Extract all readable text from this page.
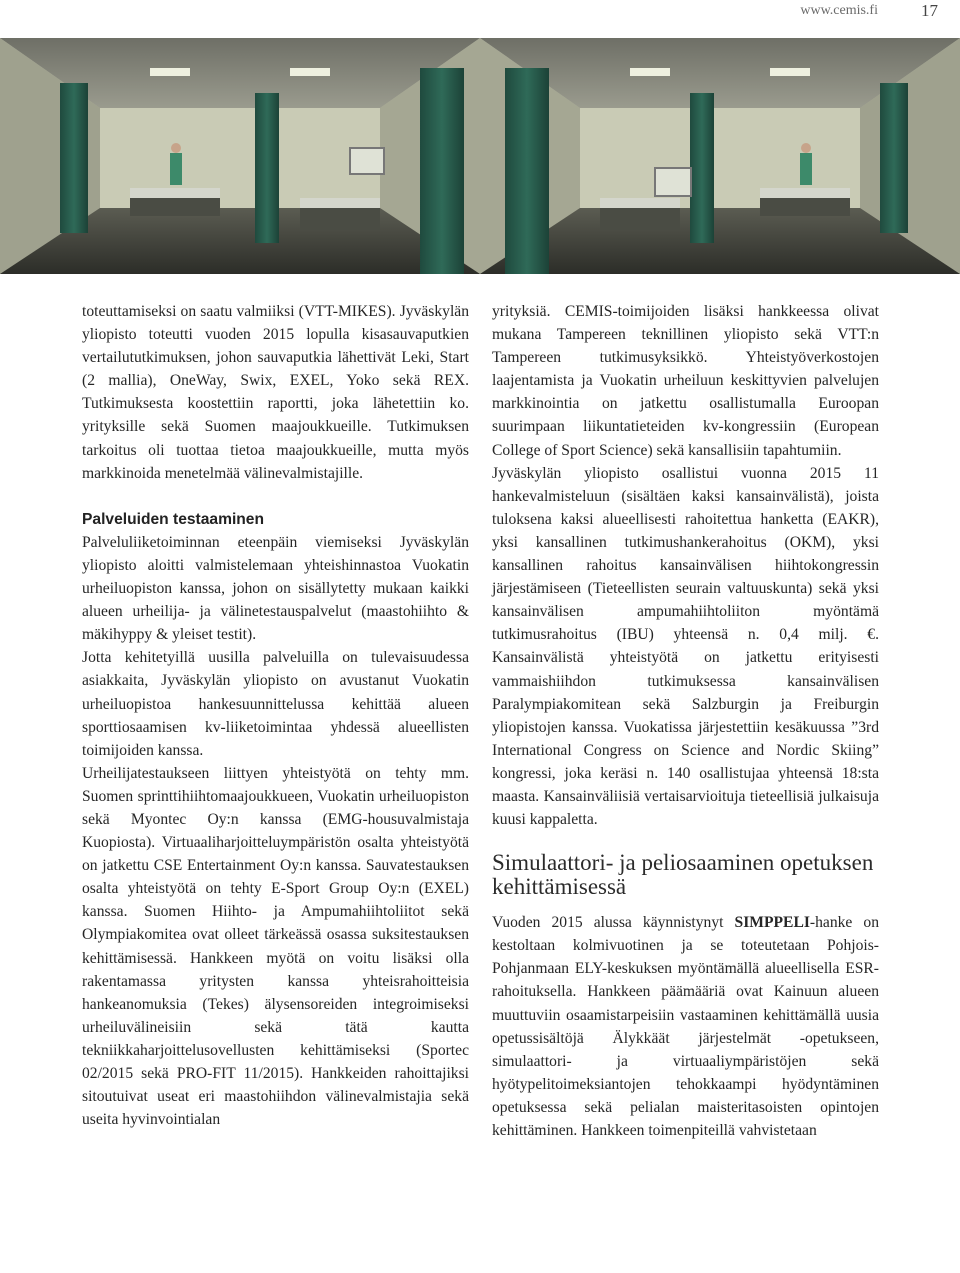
www.cemis.fi	17

toteuttamiseksi on saatu valmiiksi (VTT-MIKES). Jyväskylän yliopisto toteutti vuoden 2015 lopulla kisasauvaputkien vertailututkimuksen, johon sauvaputkia lähettivät Leki, Start (2 mallia), OneWay, Swix, EXEL, Yoko sekä REX. Tutkimuksesta koostettiin raportti, joka lähetettiin ko. yrityksille sekä Suomen maajoukkueille. Tutkimuksen tarkoitus oli tuottaa tietoa maajoukkueille, mutta myös markkinoida menetelmää välinevalmistajille.

Palveluiden testaaminen

Palveluliiketoiminnan eteenpäin viemiseksi Jyväskylän yliopisto aloitti valmistelemaan yhteishinnastoa Vuokatin urheiluopiston kanssa, johon on sisällytetty mukaan kaikki alueen urheilija- ja välinetestauspalvelut (maastohiihto & mäkihyppy & yleiset testit).

Jotta kehitetyillä uusilla palveluilla on tulevaisuudessa asiakkaita, Jyväskylän yliopisto on avustanut Vuokatin urheiluopistoa hankesuunnittelussa kehittää alueen sporttiosaamisen kv-liiketoimintaa yhdessä alueellisten toimijoiden kanssa.

Urheilijatestaukseen liittyen yhteistyötä on tehty mm. Suomen sprinttihiihtomaajoukkueen, Vuokatin urheiluopiston sekä Myontec Oy:n kanssa (EMG-housuvalmistaja Kuopiosta). Virtuaaliharjoitteluympäristön osalta yhteistyötä on jatkettu CSE Entertainment Oy:n kanssa. Sauvatestauksen osalta yhteistyötä on tehty E-Sport Group Oy:n (EXEL) kanssa. Suomen Hiihto- ja Ampumahiihtoliitot sekä Olympiakomitea ovat olleet tärkeässä osassa suksitestauksen kehittämisessä. Hankkeen myötä on voitu lisäksi olla rakentamassa yritysten kanssa yhteisrahoitteisia hankeanomuksia (Tekes) älysensoreiden integroimiseksi urheiluvälineisiin sekä tätä kautta tekniikkaharjoittelusovellusten kehittämiseksi (Sportec 02/2015 sekä PRO-FIT 11/2015). Hankkeiden rahoittajiksi sitoutuivat useat eri maastohiihdon välinevalmistajia sekä useita hyvinvointialan

yrityksiä. CEMIS-toimijoiden lisäksi hankkeessa olivat mukana Tampereen teknillinen yliopisto sekä VTT:n Tampereen tutkimusyksikkö. Yhteistyöverkostojen laajentamista ja Vuokatin urheiluun keskittyvien palvelujen markkinointia on jatkettu osallistumalla Euroopan suurimpaan liikuntatieteiden kv-kongressiin (European College of Sport Science) sekä kansallisiin tapahtumiin.

Jyväskylän yliopisto osallistui vuonna 2015 11 hankevalmisteluun (sisältäen kaksi kansainvälistä), joista tuloksena kaksi alueellisesti rahoitettua hanketta (EAKR), yksi kansallinen tutkimushankerahoitus (OKM), yksi kansallinen rahoitus kansainvälisen hiihtokongressin järjestämiseen (Tieteellisten seurain valtuuskunta) sekä yksi kansainvälisen ampumahiihtoliiton myöntämä tutkimusrahoitus (IBU) yhteensä n. 0,4 milj. €. Kansainvälistä yhteistyötä on jatkettu erityisesti vammaishiihdon tutkimuksessa kansainvälisen Paralympiakomitean sekä Salzburgin ja Freiburgin yliopistojen kanssa. Vuokatissa järjestettiin kesäkuussa ”3rd International Congress on Science and Nordic Skiing” kongressi, joka keräsi n. 140 osallistujaa yhteensä 18:sta maasta. Kansainväliisiä vertaisarvioituja tieteellisiä julkaisuja kuusi kappaletta.

Simulaattori- ja peliosaaminen opetuksen kehittämisessä

Vuoden 2015 alussa käynnistynyt SIMPPELI-hanke on kestoltaan kolmivuotinen ja se toteutetaan Pohjois-Pohjanmaan ELY-keskuksen myöntämällä alueellisella ESR-rahoituksella. Hankkeen päämääriä ovat Kainuun alueen muuttuviin osaamistarpeisiin vastaaminen kehittämällä uusia opetussisältöjä Älykkäät järjestelmät -opetukseen, simulaattori- ja virtuaaliympäristöjen sekä hyötypelitoimeksiantojen tehokkaampi hyödyntäminen opetuksessa sekä pelialan maisteritasoisten opintojen kehittäminen. Hankkeen toimenpiteillä vahvistetaan
